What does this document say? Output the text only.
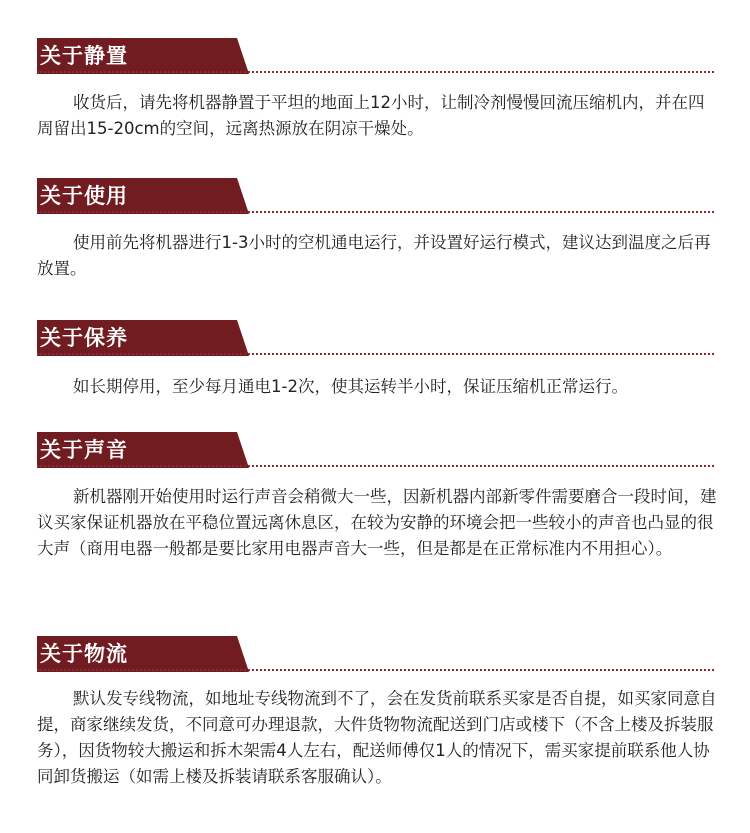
关于静置

收货后，请先将机器静置于平坦的地面上12小时，让制冷剂慢慢回流压缩机内，并在四周留出15-20cm的空间，远离热源放在阴凉干燥处。

关于使用

使用前先将机器进行1-3小时的空机通电运行，并设置好运行模式，建议达到温度之后再放置。

关于保养

如长期停用，至少每月通电1-2次，使其运转半小时，保证压缩机正常运行。

关于声音

新机器刚开始使用时运行声音会稍微大一些，因新机器内部新零件需要磨合一段时间，建议买家保证机器放在平稳位置远离休息区，在较为安静的环境会把一些较小的声音也凸显的很大声（商用电器一般都是要比家用电器声音大一些，但是都是在正常标准内不用担心）。

关于物流

默认发专线物流，如地址专线物流到不了，会在发货前联系买家是否自提，如买家同意自提，商家继续发货，不同意可办理退款，大件货物物流配送到门店或楼下（不含上楼及拆装服务），因货物较大搬运和拆木架需4人左右，配送师傅仅1人的情况下，需买家提前联系他人协同卸货搬运（如需上楼及拆装请联系客服确认）。
